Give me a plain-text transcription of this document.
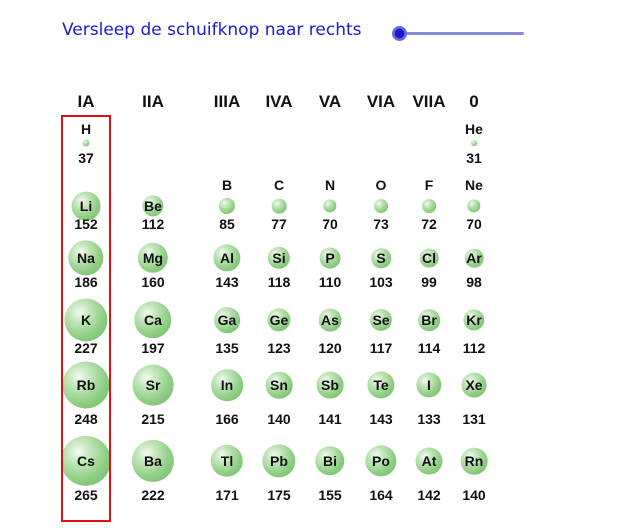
Versleep de schuifknop naar rechts
IA	IIA	IIIA IVA VA VIA VIIA 0
H
37
He
31
Li
152
Be
112
B
85
C
77
N
70
O
73
F
72
Ne
70
Na
186
Mg
160
Al
143
Si
118
P
110
S
103
Cl
99
Ar
98
K
227
Ca
197
Ga
135
Ge
123
As
120
Se
117
Br
114
Kr
112
Rb
248
Sr
215
In
166
Sn
140
Sb
141
Te
143
I
133
Xe
131
Cs
265
Ba
222
Tl
171
Pb
175
Bi
155
Po
164
At
142
Rn
140
